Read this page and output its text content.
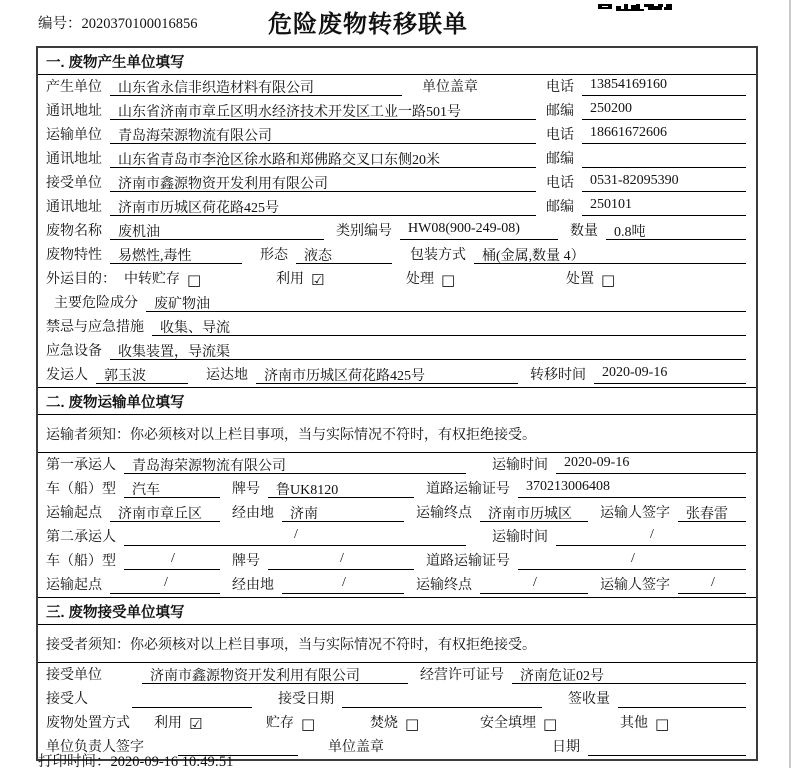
编号：2020370100016856	危险废物转移联单
一. 废物产生单位填写
产生单位	山东省永信非织造材料有限公司	单位盖章	电话	13854169160
通讯地址	山东省济南市章丘区明水经济技术开发区工业一路501号	邮编	250200
运输单位	青岛海荣源物流有限公司	电话	18661672606
通讯地址	山东省青岛市李沧区徐水路和郑佛路交叉口东侧20米	邮编
接受单位	济南市鑫源物资开发利用有限公司	电话	0531-82095390
通讯地址	济南市历城区荷花路425号	邮编	250101
废物名称	废机油	类别编号	HW08(900-249-08)	数量	0.8吨
废物特性	易燃性,毒性	形态	液态	包装方式	桶(金属,数量 4）
外运目的： 中转贮存 □	利用 ☑	处理 □	处置 □
主要危险成分	废矿物油
禁忌与应急措施	收集、导流
应急设备	收集装置，导流渠
发运人	郭玉波	运达地	济南市历城区荷花路425号	转移时间	2020-09-16
二. 废物运输单位填写
运输者须知：你必须核对以上栏目事项，当与实际情况不符时，有权拒绝接受。
第一承运人	青岛海荣源物流有限公司	运输时间	2020-09-16
车（船）型	汽车	牌号	鲁UK8120	道路运输证号	370213006408
运输起点	济南市章丘区	经由地	济南	运输终点	济南市历城区	运输人签字	张春雷
第二承运人	/	运输时间	/
车（船）型	/	牌号	/	道路运输证号	/
运输起点	/	经由地	/	运输终点	/	运输人签字	/
三. 废物接受单位填写
接受者须知：你必须核对以上栏目事项，当与实际情况不符时，有权拒绝接受。
接受单位	济南市鑫源物资开发利用有限公司	经营许可证号	济南危证02号
接受人	接受日期	签收量
废物处置方式	利用 ☑	贮存 □	焚烧 □	安全填埋 □	其他 □
单位负责人签字	单位盖章	日期
打印时间：2020-09-16 10:49:51
